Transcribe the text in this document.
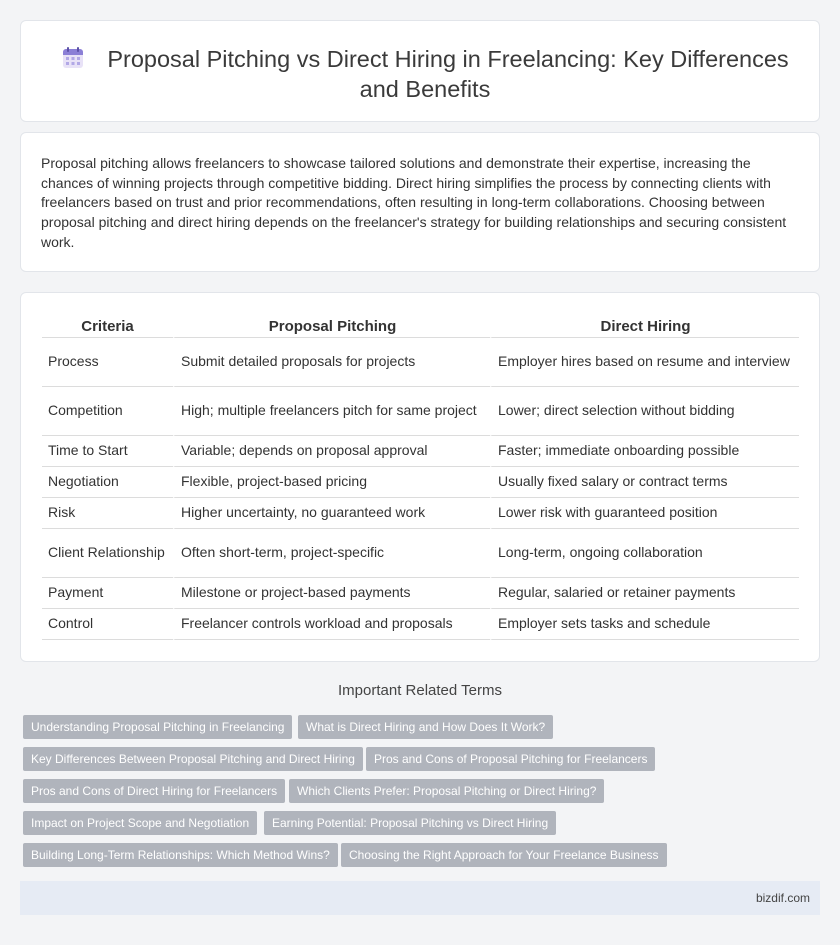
Proposal Pitching vs Direct Hiring in Freelancing: Key Differences and Benefits

Proposal pitching allows freelancers to showcase tailored solutions and demonstrate their expertise, increasing the chances of winning projects through competitive bidding. Direct hiring simplifies the process by connecting clients with freelancers based on trust and prior recommendations, often resulting in long-term collaborations. Choosing between proposal pitching and direct hiring depends on the freelancer's strategy for building relationships and securing consistent work.

Criteria	Proposal Pitching	Direct Hiring
Process	Submit detailed proposals for projects	Employer hires based on resume and interview
Competition	High; multiple freelancers pitch for same project	Lower; direct selection without bidding
Time to Start	Variable; depends on proposal approval	Faster; immediate onboarding possible
Negotiation	Flexible, project-based pricing	Usually fixed salary or contract terms
Risk	Higher uncertainty, no guaranteed work	Lower risk with guaranteed position
Client Relationship	Often short-term, project-specific	Long-term, ongoing collaboration
Payment	Milestone or project-based payments	Regular, salaried or retainer payments
Control	Freelancer controls workload and proposals	Employer sets tasks and schedule
Important Related Terms
Understanding Proposal Pitching in Freelancing	What is Direct Hiring and How Does It Work?
Key Differences Between Proposal Pitching and Direct Hiring	Pros and Cons of Proposal Pitching for Freelancers
Pros and Cons of Direct Hiring for Freelancers	Which Clients Prefer: Proposal Pitching or Direct Hiring?
Impact on Project Scope and Negotiation	Earning Potential: Proposal Pitching vs Direct Hiring
Building Long-Term Relationships: Which Method Wins?	Choosing the Right Approach for Your Freelance Business
bizdif.com
